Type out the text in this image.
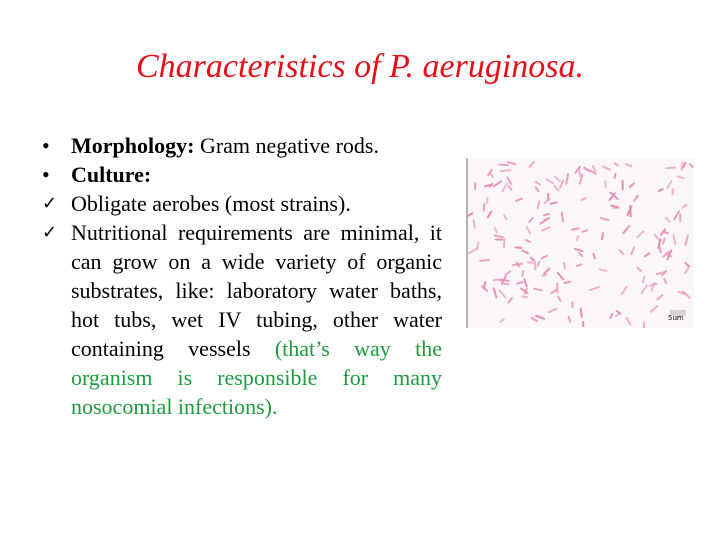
Characteristics of P. aeruginosa.
• Morphology: Gram negative rods.
• Culture:
✓ Obligate aerobes (most strains).
✓ Nutritional requirements are minimal, it can grow on a wide variety of organic substrates, like: laboratory water baths, hot tubs, wet IV tubing, other water containing vessels (that’s way the organism is responsible for many nosocomial infections).
5um
